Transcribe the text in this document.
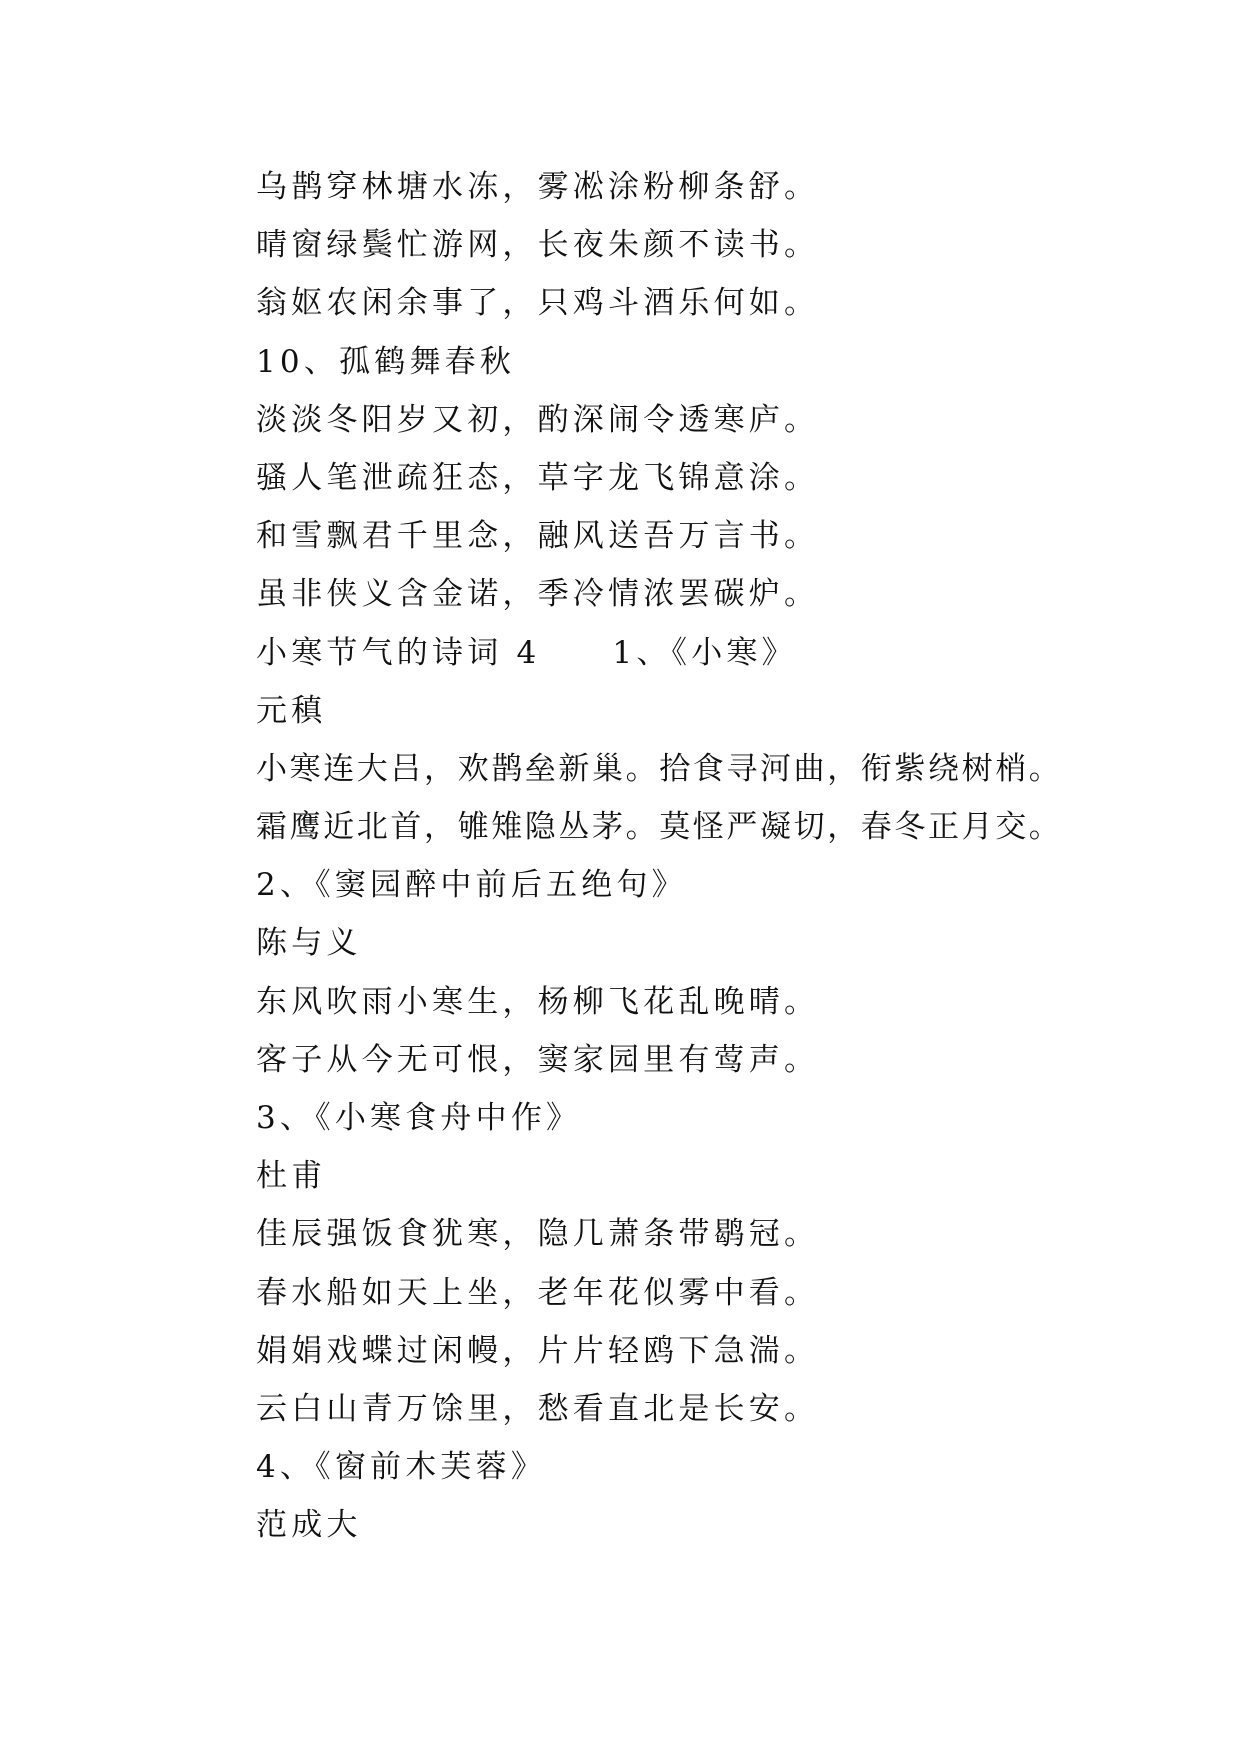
乌鹊穿林塘水冻，雾凇涂粉柳条舒。
晴窗绿鬓忙游网，长夜朱颜不读书。
翁妪农闲余事了，只鸡斗酒乐何如。
10、孤鹤舞春秋
淡淡冬阳岁又初，酌深闹令透寒庐。
骚人笔泄疏狂态，草字龙飞锦意涂。
和雪飘君千里念，融风送吾万言书。
虽非侠义含金诺，季冷情浓罢碳炉。
小寒节气的诗词 4 1、《小寒》
元稹
小寒连大吕，欢鹊垒新巢。拾食寻河曲，衔紫绕树梢。
霜鹰近北首，雊雉隐丛茅。莫怪严凝切，春冬正月交。
2、《窦园醉中前后五绝句》
陈与义
东风吹雨小寒生，杨柳飞花乱晚晴。
客子从今无可恨，窦家园里有莺声。
3、《小寒食舟中作》
杜甫
佳辰强饭食犹寒，隐几萧条带鹖冠。
春水船如天上坐，老年花似雾中看。
娟娟戏蝶过闲幔，片片轻鸥下急湍。
云白山青万馀里，愁看直北是长安。
4、《窗前木芙蓉》
范成大
